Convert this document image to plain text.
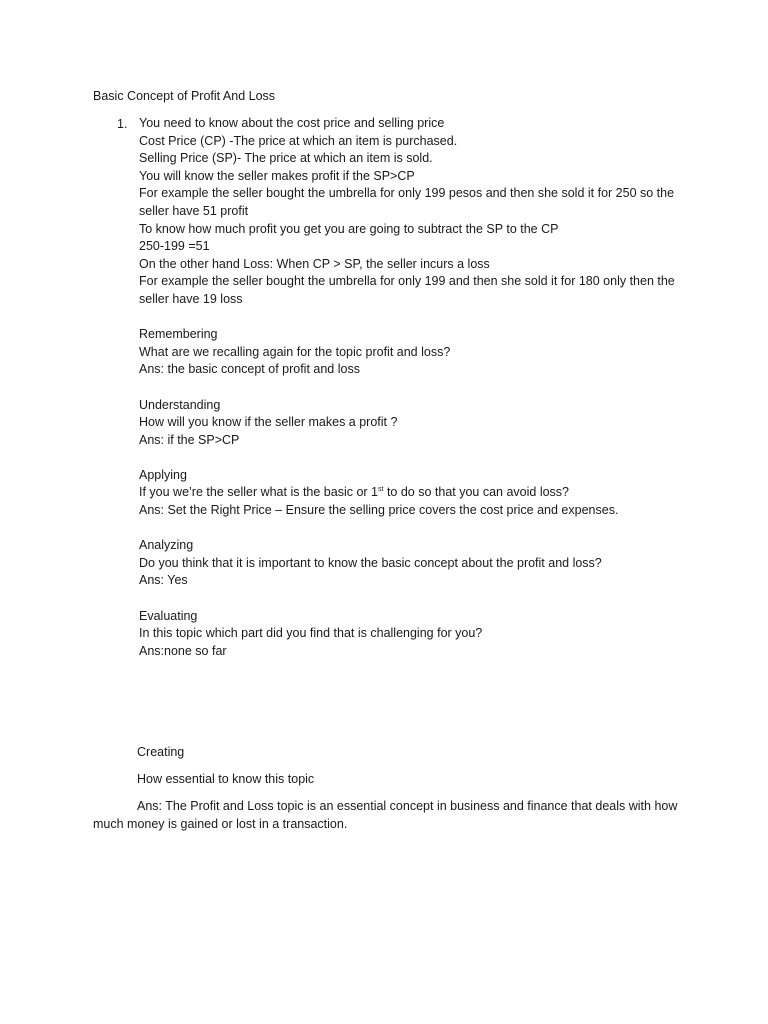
Basic Concept of Profit And Loss
1. You need to know about the cost price and selling price
Cost Price (CP) -The price at which an item is purchased.
Selling Price (SP)- The price at which an item is sold.
You will know the seller makes profit if the SP>CP
For example the seller bought the umbrella for only 199 pesos and then she sold it for 250 so the seller have 51 profit
To know how much profit you get you are going to subtract the SP to the CP
250-199 =51
On the other hand Loss: When CP > SP, the seller incurs a loss
For example the seller bought the umbrella for only 199 and then she sold it for 180 only then the seller have 19 loss
Remembering
What are we recalling again for the topic profit and loss?
Ans: the basic concept of profit and loss
Understanding
How will you know if the seller makes a profit ?
Ans: if the SP>CP
Applying
If you we’re the seller what is the basic or 1st to do so that you can avoid loss?
Ans: Set the Right Price – Ensure the selling price covers the cost price and expenses.
Analyzing
Do you think that it is important to know the basic concept about the profit and loss?
Ans: Yes
Evaluating
In this topic which part did you find that is challenging for you?
Ans:none so far
Creating
How essential to know this topic
Ans: The Profit and Loss topic is an essential concept in business and finance that deals with how much money is gained or lost in a transaction.
